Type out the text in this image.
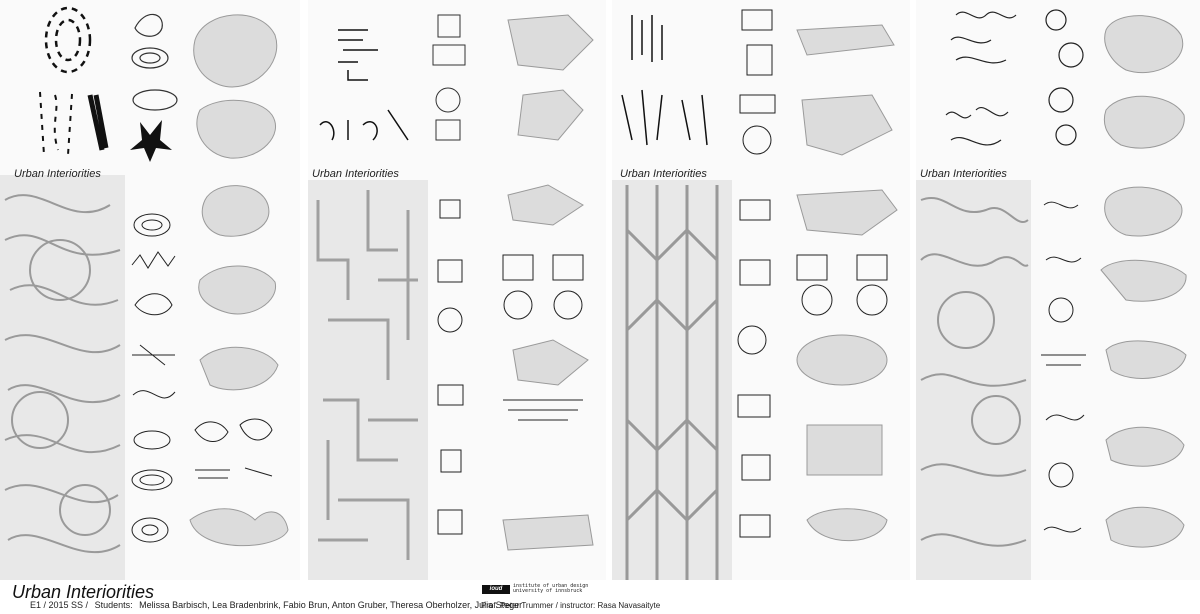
Urban Interiorities	Urban Interiorities	Urban Interiorities	Urban Interiorities
Urban Interiorities
E1 / 2015 SS / Students: Melissa Barbisch, Lea Bradenbrink, Fabio Brun, Anton Gruber, Theresa Oberholzer, Julia Steger
ioud	institute of urban design
university of innsbruck
Prof. Peter Trummer / instructor: Rasa Navasaityte
